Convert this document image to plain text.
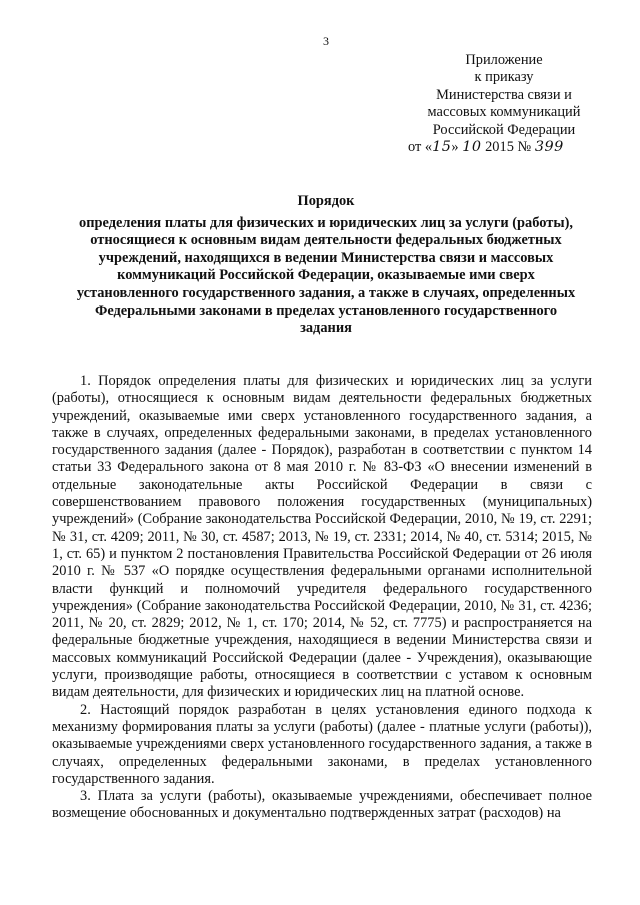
3
Приложение
к приказу
Министерства связи и
массовых коммуникаций
Российской Федерации
от «15» 10 2015 № 399
Порядок
определения платы для физических и юридических лиц за услуги (работы), относящиеся к основным видам деятельности федеральных бюджетных учреждений, находящихся в ведении Министерства связи и массовых коммуникаций Российской Федерации, оказываемые ими сверх установленного государственного задания, а также в случаях, определенных Федеральными законами в пределах установленного государственного задания

1. Порядок определения платы для физических и юридических лиц за услуги (работы), относящиеся к основным видам деятельности федеральных бюджетных учреждений, оказываемые ими сверх установленного государственного задания, а также в случаях, определенных федеральными законами, в пределах установленного государственного задания (далее - Порядок), разработан в соответствии с пунктом 14 статьи 33 Федерального закона от 8 мая 2010 г. № 83-ФЗ «О внесении изменений в отдельные законодательные акты Российской Федерации в связи с совершенствованием правового положения государственных (муниципальных) учреждений» (Собрание законодательства Российской Федерации, 2010, № 19, ст. 2291; № 31, ст. 4209; 2011, № 30, ст. 4587; 2013, № 19, ст. 2331; 2014, № 40, ст. 5314; 2015, № 1, ст. 65) и пунктом 2 постановления Правительства Российской Федерации от 26 июля 2010 г. № 537 «О порядке осуществления федеральными органами исполнительной власти функций и полномочий учредителя федерального государственного учреждения» (Собрание законодательства Российской Федерации, 2010, № 31, ст. 4236; 2011, № 20, ст. 2829; 2012, № 1, ст. 170; 2014, № 52, ст. 7775) и распространяется на федеральные бюджетные учреждения, находящиеся в ведении Министерства связи и массовых коммуникаций Российской Федерации (далее - Учреждения), оказывающие услуги, производящие работы, относящиеся в соответствии с уставом к основным видам деятельности, для физических и юридических лиц на платной основе.

2. Настоящий порядок разработан в целях установления единого подхода к механизму формирования платы за услуги (работы) (далее - платные услуги (работы)), оказываемые учреждениями сверх установленного государственного задания, а также в случаях, определенных федеральными законами, в пределах установленного государственного задания.

3. Плата за услуги (работы), оказываемые учреждениями, обеспечивает полное возмещение обоснованных и документально подтвержденных затрат (расходов) на
